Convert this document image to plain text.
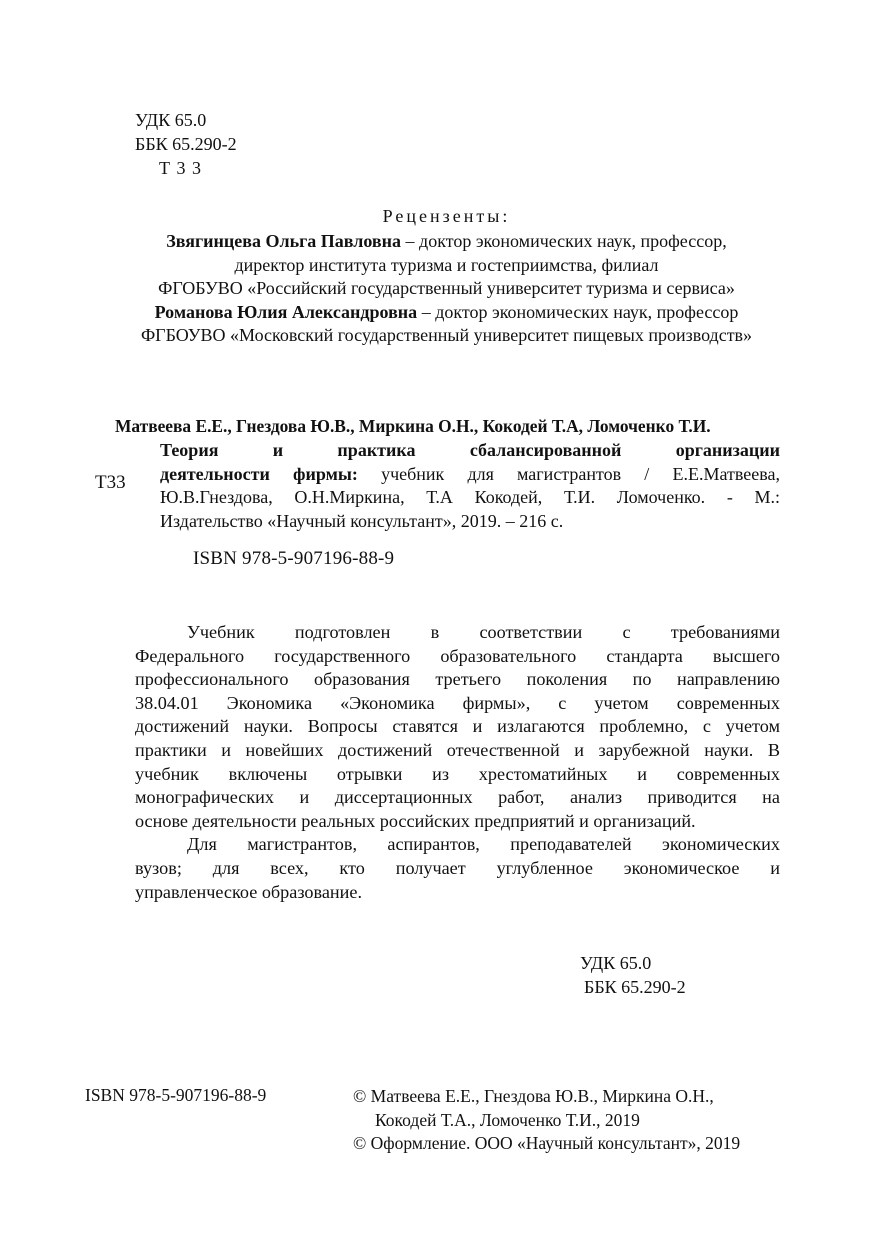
УДК 65.0
ББК 65.290-2
Т 3 3
Рецензенты:
Звягинцева Ольга Павловна – доктор экономических наук, профессор,
директор института туризма и гостеприимства, филиал
ФГОБУВО «Российский государственный университет туризма и сервиса»
Романова Юлия Александровна – доктор экономических наук, профессор
ФГБОУВО «Московский государственный университет пищевых производств»
Матвеева Е.Е., Гнездова Ю.В., Миркина О.Н., Кокодей Т.А, Ломоченко Т.И.
Т33
Теория и практика сбалансированной организации
деятельности фирмы: учебник для магистрантов / Е.Е.Матвеева,
Ю.В.Гнездова, О.Н.Миркина, Т.А Кокодей, Т.И. Ломоченко. - М.:
Издательство «Научный консультант», 2019. – 216 с.
ISBN 978-5-907196-88-9
Учебник подготовлен в соответствии с требованиями
Федерального государственного образовательного стандарта высшего
профессионального образования третьего поколения по направлению
38.04.01 Экономика «Экономика фирмы», с учетом современных
достижений науки. Вопросы ставятся и излагаются проблемно, с учетом
практики и новейших достижений отечественной и зарубежной науки. В
учебник включены отрывки из хрестоматийных и современных
монографических и диссертационных работ, анализ приводится на
основе деятельности реальных российских предприятий и организаций.
Для магистрантов, аспирантов, преподавателей экономических
вузов; для всех, кто получает углубленное экономическое и
управленческое образование.
УДК 65.0
ББК 65.290-2
ISBN 978-5-907196-88-9	© Матвеева Е.Е., Гнездова Ю.В., Миркина О.Н.,
Кокодей Т.А., Ломоченко Т.И., 2019
© Оформление. ООО «Научный консультант», 2019
